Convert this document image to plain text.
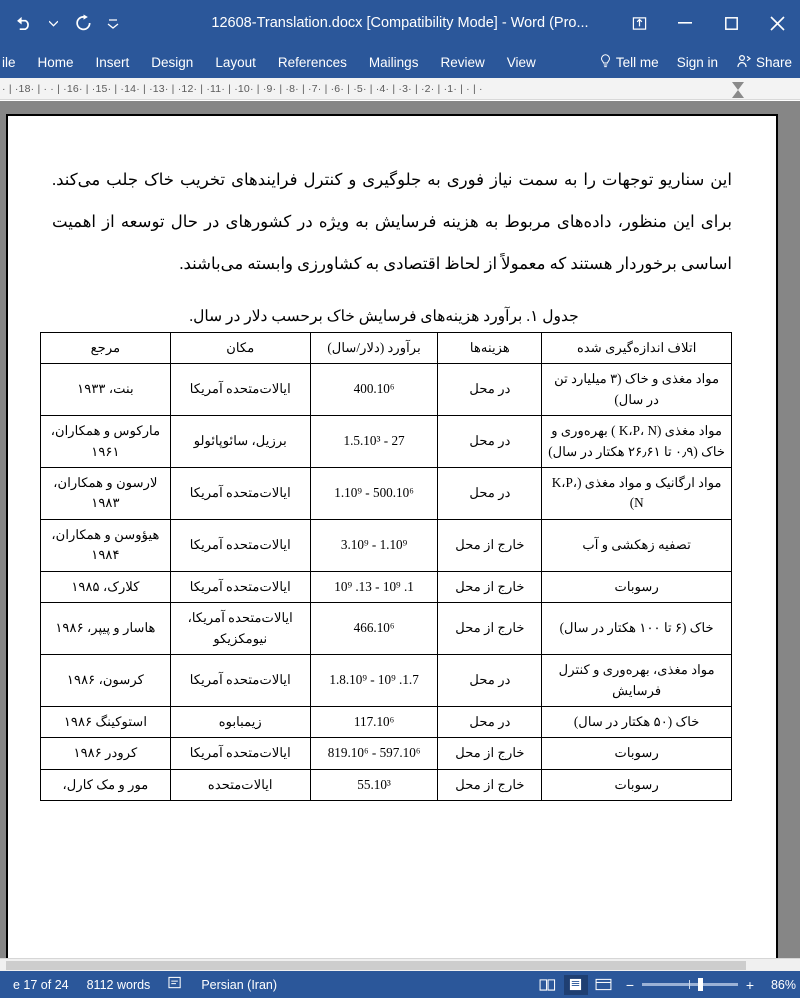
12608-Translation.docx [Compatibility Mode] - Word (Pro...
ile	Home	Insert	Design	Layout	References	Mailings	Review	View	Tell me	Sign in	Share
· | ·18· | · · | ·16· | ·15· | ·14· | ·13· | ·12· | ·11· | ·10· | ·9· | ·8· | ·7· | ·6· | ·5· | ·4· | ·3· | ·2· | ·1· | · | ·

این سناریو توجهات را به سمت نیاز فوری به جلوگیری و کنترل فرایندهای تخریب خاک جلب می‌کند. برای این منظور، داده‌های مربوط به هزینه فرسایش به ویژه در کشورهای در حال توسعه از اهمیت اساسی برخوردار هستند که معمولاً از لحاظ اقتصادی به کشاورزی وابسته می‌باشند.

جدول ۱. برآورد هزینه‌های فرسایش خاک برحسب دلار در سال.
اتلاف اندازه‌گیری شده	هزینه‌ها	برآورد (دلار/سال)	مکان	مرجع
مواد مغذی و خاک (۳ میلیارد تن در سال)	در محل	400.10⁶	ایالات‌متحده آمریکا	بنت، ۱۹۳۳
مواد مغذی (K،P، N ) بهره‌وری و خاک (۰٫۹ تا ۲۶٫۶۱ هکتار در سال)	در محل	27 - 1.5.10³	برزیل، سائوپائولو	مارکوس و همکاران، ۱۹۶۱
مواد ارگانیک و مواد مغذی (K،P، N)	در محل	500.10⁶ - 1.10⁹	ایالات‌متحده آمریکا	لارسون و همکاران، ۱۹۸۳
تصفیه زهکشی و آب	خارج از محل	1.10⁹ - 3.10⁹	ایالات‌متحده آمریکا	هیؤوسن و همکاران، ۱۹۸۴
رسوبات	خارج از محل	1. 10⁹ - 13. 10⁹	ایالات‌متحده آمریکا	کلارک، ۱۹۸۵
خاک (۶ تا ۱۰۰ هکتار در سال)	خارج از محل	466.10⁶	ایالات‌متحده آمریکا، نیومکزیکو	هاسار و پیپر، ۱۹۸۶
مواد مغذی، بهره‌وری و کنترل فرسایش	در محل	1.7. 10⁹ - 1.8.10⁹	ایالات‌متحده آمریکا	کرسون، ۱۹۸۶
خاک (۵۰ هکتار در سال)	در محل	117.10⁶	زیمبابوه	استوکینگ ۱۹۸۶
رسوبات	خارج از محل	597.10⁶ - 819.10⁶	ایالات‌متحده آمریکا	کرودر ۱۹۸۶
رسوبات	خارج از محل	55.10³	ایالات‌متحده	مور و مک کارل،
e 17 of 24	8112 words	Persian (Iran)	−	+	86%
